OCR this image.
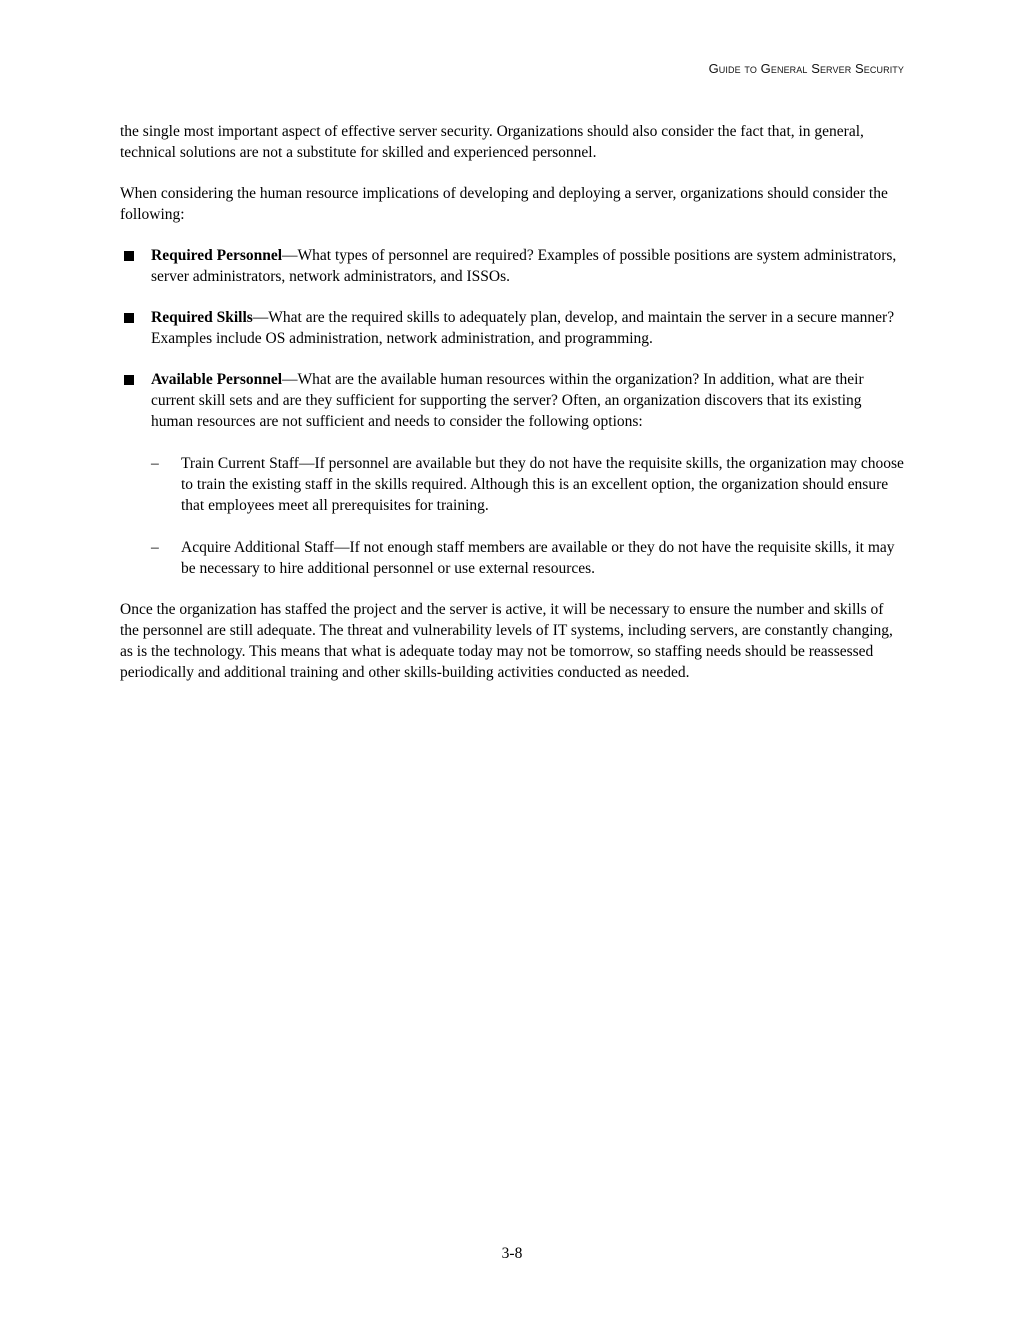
Guide to General Server Security

the single most important aspect of effective server security. Organizations should also consider the fact that, in general, technical solutions are not a substitute for skilled and experienced personnel.

When considering the human resource implications of developing and deploying a server, organizations should consider the following:

Required Personnel—What types of personnel are required? Examples of possible positions are system administrators, server administrators, network administrators, and ISSOs.
Required Skills—What are the required skills to adequately plan, develop, and maintain the server in a secure manner? Examples include OS administration, network administration, and programming.
Available Personnel—What are the available human resources within the organization? In addition, what are their current skill sets and are they sufficient for supporting the server? Often, an organization discovers that its existing human resources are not sufficient and needs to consider the following options:
– Train Current Staff—If personnel are available but they do not have the requisite skills, the organization may choose to train the existing staff in the skills required. Although this is an excellent option, the organization should ensure that employees meet all prerequisites for training.
– Acquire Additional Staff—If not enough staff members are available or they do not have the requisite skills, it may be necessary to hire additional personnel or use external resources.

Once the organization has staffed the project and the server is active, it will be necessary to ensure the number and skills of the personnel are still adequate. The threat and vulnerability levels of IT systems, including servers, are constantly changing, as is the technology. This means that what is adequate today may not be tomorrow, so staffing needs should be reassessed periodically and additional training and other skills-building activities conducted as needed.

3-8
